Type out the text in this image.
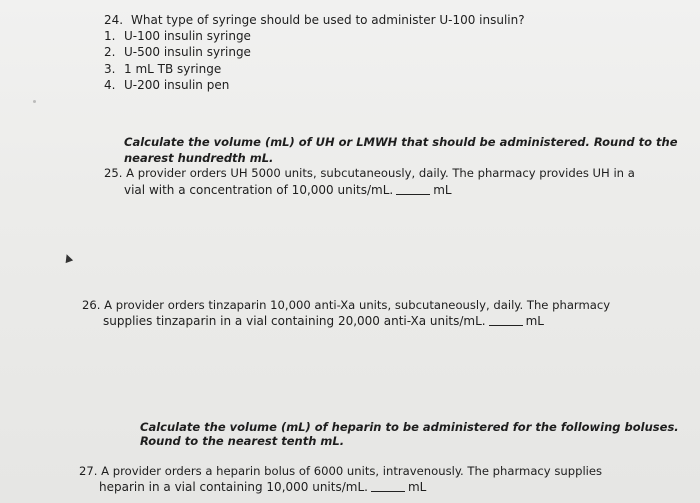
24. What type of syringe should be used to administer U-100 insulin?
1. U-100 insulin syringe
2. U-500 insulin syringe
3. 1 mL TB syringe
4. U-200 insulin pen
Calculate the volume (mL) of UH or LMWH that should be administered. Round to the
nearest hundredth mL.
25. A provider orders UH 5000 units, subcutaneously, daily. The pharmacy provides UH in a
vial with a concentration of 10,000 units/mL.	mL
26. A provider orders tinzaparin 10,000 anti-Xa units, subcutaneously, daily. The pharmacy
supplies tinzaparin in a vial containing 20,000 anti-Xa units/mL.	mL
Calculate the volume (mL) of heparin to be administered for the following boluses.
Round to the nearest tenth mL.
27. A provider orders a heparin bolus of 6000 units, intravenously. The pharmacy supplies
heparin in a vial containing 10,000 units/mL.	mL
